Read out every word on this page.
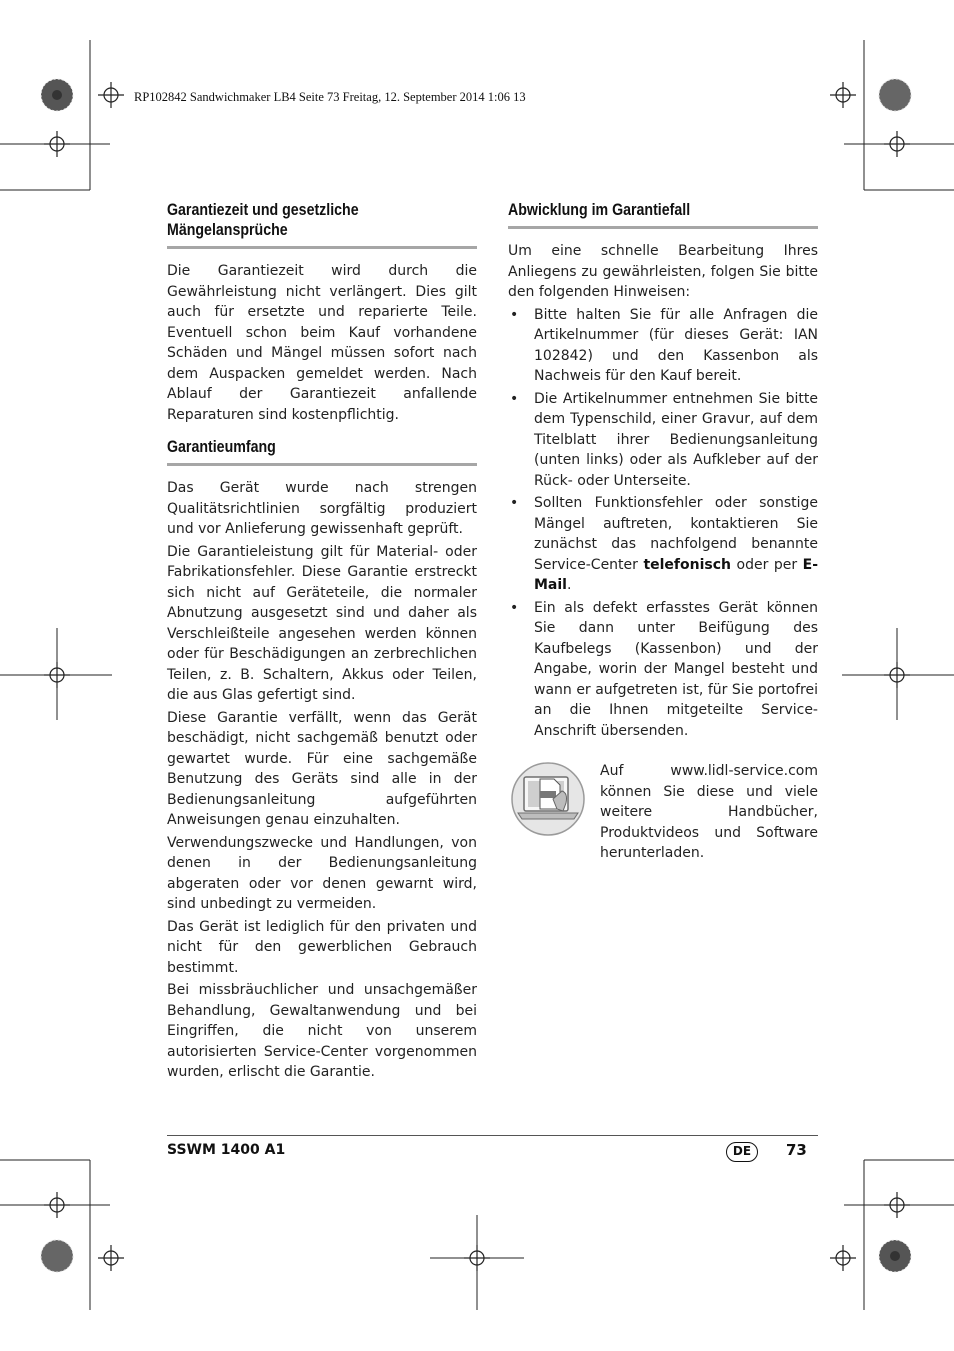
RP102842 Sandwichmaker LB4 Seite 73 Freitag, 12. September 2014 1:06 13
Garantiezeit und gesetzliche
Mängelansprüche

Die Garantiezeit wird durch die Gewährleistung nicht verlängert. Dies gilt auch für ersetzte und reparierte Teile. Eventuell schon beim Kauf vorhandene Schäden und Mängel müssen sofort nach dem Auspacken gemeldet werden. Nach Ablauf der Garantiezeit anfallende Reparaturen sind kostenpflichtig.

Garantieumfang

Das Gerät wurde nach strengen Qualitätsrichtlinien sorgfältig produziert und vor Anlieferung gewissenhaft geprüft.

Die Garantieleistung gilt für Material- oder Fabrikationsfehler. Diese Garantie erstreckt sich nicht auf Geräteteile, die normaler Abnutzung ausgesetzt sind und daher als Verschleißteile angesehen werden können oder für Beschädigungen an zerbrechlichen Teilen, z. B. Schaltern, Akkus oder Teilen, die aus Glas gefertigt sind.

Diese Garantie verfällt, wenn das Gerät beschädigt, nicht sachgemäß benutzt oder gewartet wurde. Für eine sachgemäße Benutzung des Geräts sind alle in der Bedienungsanleitung aufgeführten Anweisungen genau einzuhalten.

Verwendungszwecke und Handlungen, von denen in der Bedienungsanleitung abgeraten oder vor denen gewarnt wird, sind unbedingt zu vermeiden.

Das Gerät ist lediglich für den privaten und nicht für den gewerblichen Gebrauch bestimmt.

Bei missbräuchlicher und unsachgemäßer Behandlung, Gewaltanwendung und bei Eingriffen, die nicht von unserem autorisierten Service-Center vorgenommen wurden, erlischt die Garantie.

Abwicklung im Garantiefall

Um eine schnelle Bearbeitung Ihres Anliegens zu gewährleisten, folgen Sie bitte den folgenden Hinweisen:

• Bitte halten Sie für alle Anfragen die Artikelnummer (für dieses Gerät: IAN 102842) und den Kassenbon als Nachweis für den Kauf bereit.
• Die Artikelnummer entnehmen Sie bitte dem Typenschild, einer Gravur, auf dem Titelblatt ihrer Bedienungsanleitung (unten links) oder als Aufkleber auf der Rück- oder Unterseite.
• Sollten Funktionsfehler oder sonstige Mängel auftreten, kontaktieren Sie zunächst das nachfolgend benannte Service-Center telefonisch oder per E-Mail.
• Ein als defekt erfasstes Gerät können Sie dann unter Beifügung des Kaufbelegs (Kassenbon) und der Angabe, worin der Mangel besteht und wann er aufgetreten ist, für Sie portofrei an die Ihnen mitgeteilte Service-Anschrift übersenden.

Auf www.lidl-service.com können Sie diese und viele weitere Handbücher, Produktvideos und Software herunterladen.

SSWM 1400 A1	DE	73
